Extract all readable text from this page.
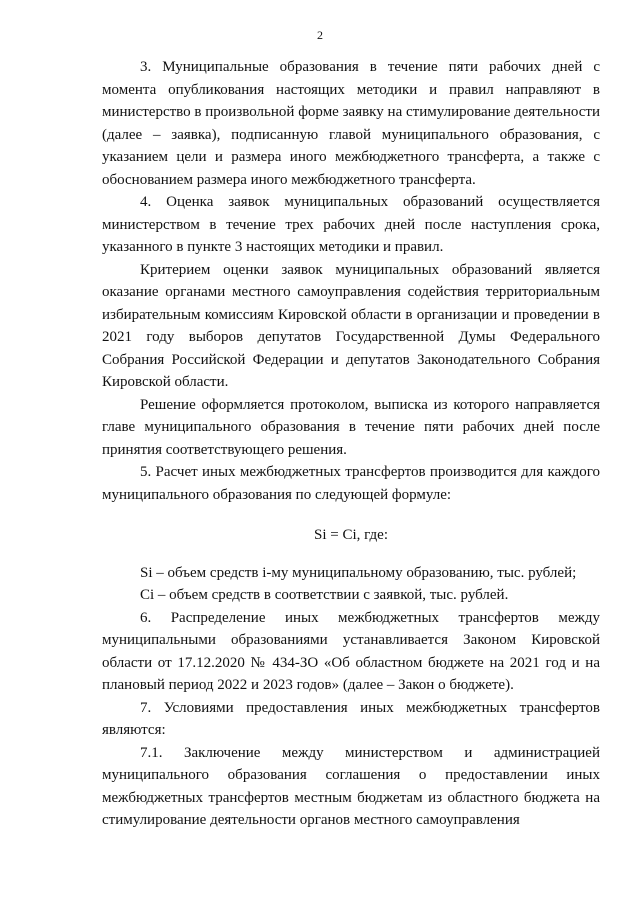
2

3. Муниципальные образования в течение пяти рабочих дней с момента опубликования настоящих методики и правил направляют в министерство в произвольной форме заявку на стимулирование деятельности (далее – заявка), подписанную главой муниципального образования, с указанием цели и размера иного межбюджетного трансферта, а также с обоснованием размера иного межбюджетного трансферта.

4. Оценка заявок муниципальных образований осуществляется министерством в течение трех рабочих дней после наступления срока, указанного в пункте 3 настоящих методики и правил.

Критерием оценки заявок муниципальных образований является оказание органами местного самоуправления содействия территориальным избирательным комиссиям Кировской области в организации и проведении в 2021 году выборов депутатов Государственной Думы Федерального Собрания Российской Федерации и депутатов Законодательного Собрания Кировской области.

Решение оформляется протоколом, выписка из которого направляется главе муниципального образования в течение пяти рабочих дней после принятия соответствующего решения.

5. Расчет иных межбюджетных трансфертов производится для каждого муниципального образования по следующей формуле:

Si = Ci, где:

Si – объем средств i-му муниципальному образованию, тыс. рублей;

Ci – объем средств в соответствии с заявкой, тыс. рублей.

6. Распределение иных межбюджетных трансфертов между муниципальными образованиями устанавливается Законом Кировской области от 17.12.2020 № 434-ЗО «Об областном бюджете на 2021 год и на плановый период 2022 и 2023 годов» (далее – Закон о бюджете).

7. Условиями предоставления иных межбюджетных трансфертов являются:

7.1. Заключение между министерством и администрацией муниципального образования соглашения о предоставлении иных межбюджетных трансфертов местным бюджетам из областного бюджета на стимулирование деятельности органов местного самоуправления
